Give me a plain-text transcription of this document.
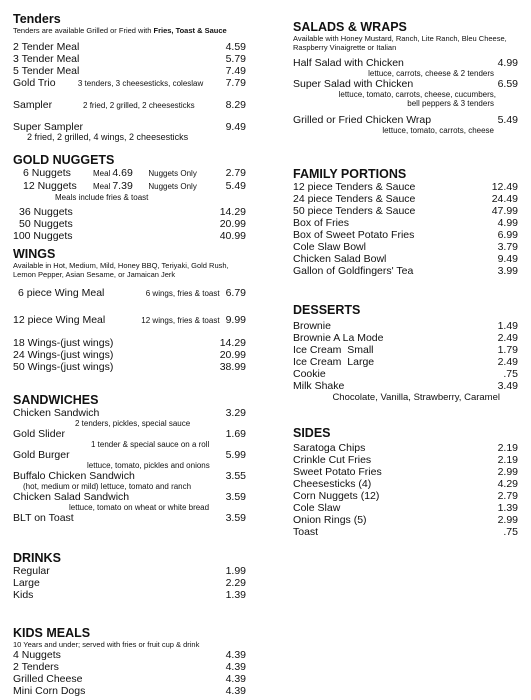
Tenders
Tenders are available Grilled or Fried with Fries, Toast & Sauce
2 Tender Meal	4.59
3 Tender Meal	5.79
5 Tender Meal	7.49
Gold Trio	3 tenders, 3 cheesesticks, coleslaw	7.79
Sampler	2 fried, 2 grilled, 2 cheesesticks	8.29
Super Sampler	9.49
2 fried, 2 grilled, 4 wings, 2 cheesesticks
GOLD NUGGETS
6 Nuggets	Meal 4.69	Nuggets Only	2.79
12 Nuggets	Meal 7.39	Nuggets Only	5.49
Meals include fries & toast
36 Nuggets	14.29
50 Nuggets	20.99
100 Nuggets	40.99
WINGS
Available in Hot, Medium, Mild, Honey BBQ, Teriyaki, Gold Rush, Lemon Pepper, Asian Sesame, or Jamaican Jerk
6 piece Wing Meal	6 wings, fries & toast 6.79
12 piece Wing Meal	12 wings, fries & toast 9.99
18 Wings-(just wings)	14.29
24 Wings-(just wings)	20.99
50 Wings-(just wings)	38.99
SANDWICHES
Chicken Sandwich	3.29
2 tenders, pickles, special sauce
Gold Slider	1.69
1 tender & special sauce on a roll
Gold Burger	5.99
lettuce, tomato, pickles and onions
Buffalo Chicken Sandwich	3.55
(hot, medium or mild) lettuce, tomato and ranch
Chicken Salad Sandwich	3.59
lettuce, tomato on wheat or white bread
BLT on Toast	3.59
DRINKS
Regular	1.99
Large	2.29
Kids	1.39
KIDS MEALS
10 Years and under; served with fries or fruit cup & drink
4 Nuggets	4.39
2 Tenders	4.39
Grilled Cheese	4.39
Mini Corn Dogs	4.39
SALADS & WRAPS
Available with Honey Mustard, Ranch, Lite Ranch, Bleu Cheese, Raspberry Vinaigrette or Italian
Half Salad with Chicken	4.99
lettuce, carrots, cheese & 2 tenders
Super Salad with Chicken	6.59
lettuce, tomato, carrots, cheese, cucumbers,
bell peppers & 3 tenders
Grilled or Fried Chicken Wrap	5.49
lettuce, tomato, carrots, cheese
FAMILY PORTIONS
12 piece Tenders & Sauce	12.49
24 piece Tenders & Sauce	24.49
50 piece Tenders & Sauce	47.99
Box of Fries	4.99
Box of Sweet Potato Fries	6.99
Cole Slaw Bowl	3.79
Chicken Salad Bowl	9.49
Gallon of Goldfingers' Tea	3.99
DESSERTS
Brownie	1.49
Brownie A La Mode	2.49
Ice Cream  Small	1.79
Ice Cream  Large	2.49
Cookie	.75
Milk Shake	3.49
Chocolate, Vanilla, Strawberry, Caramel
SIDES
Saratoga Chips	2.19
Crinkle Cut Fries	2.19
Sweet Potato Fries	2.99
Cheesesticks (4)	4.29
Corn Nuggets (12)	2.79
Cole Slaw	1.39
Onion Rings (5)	2.99
Toast	.75
